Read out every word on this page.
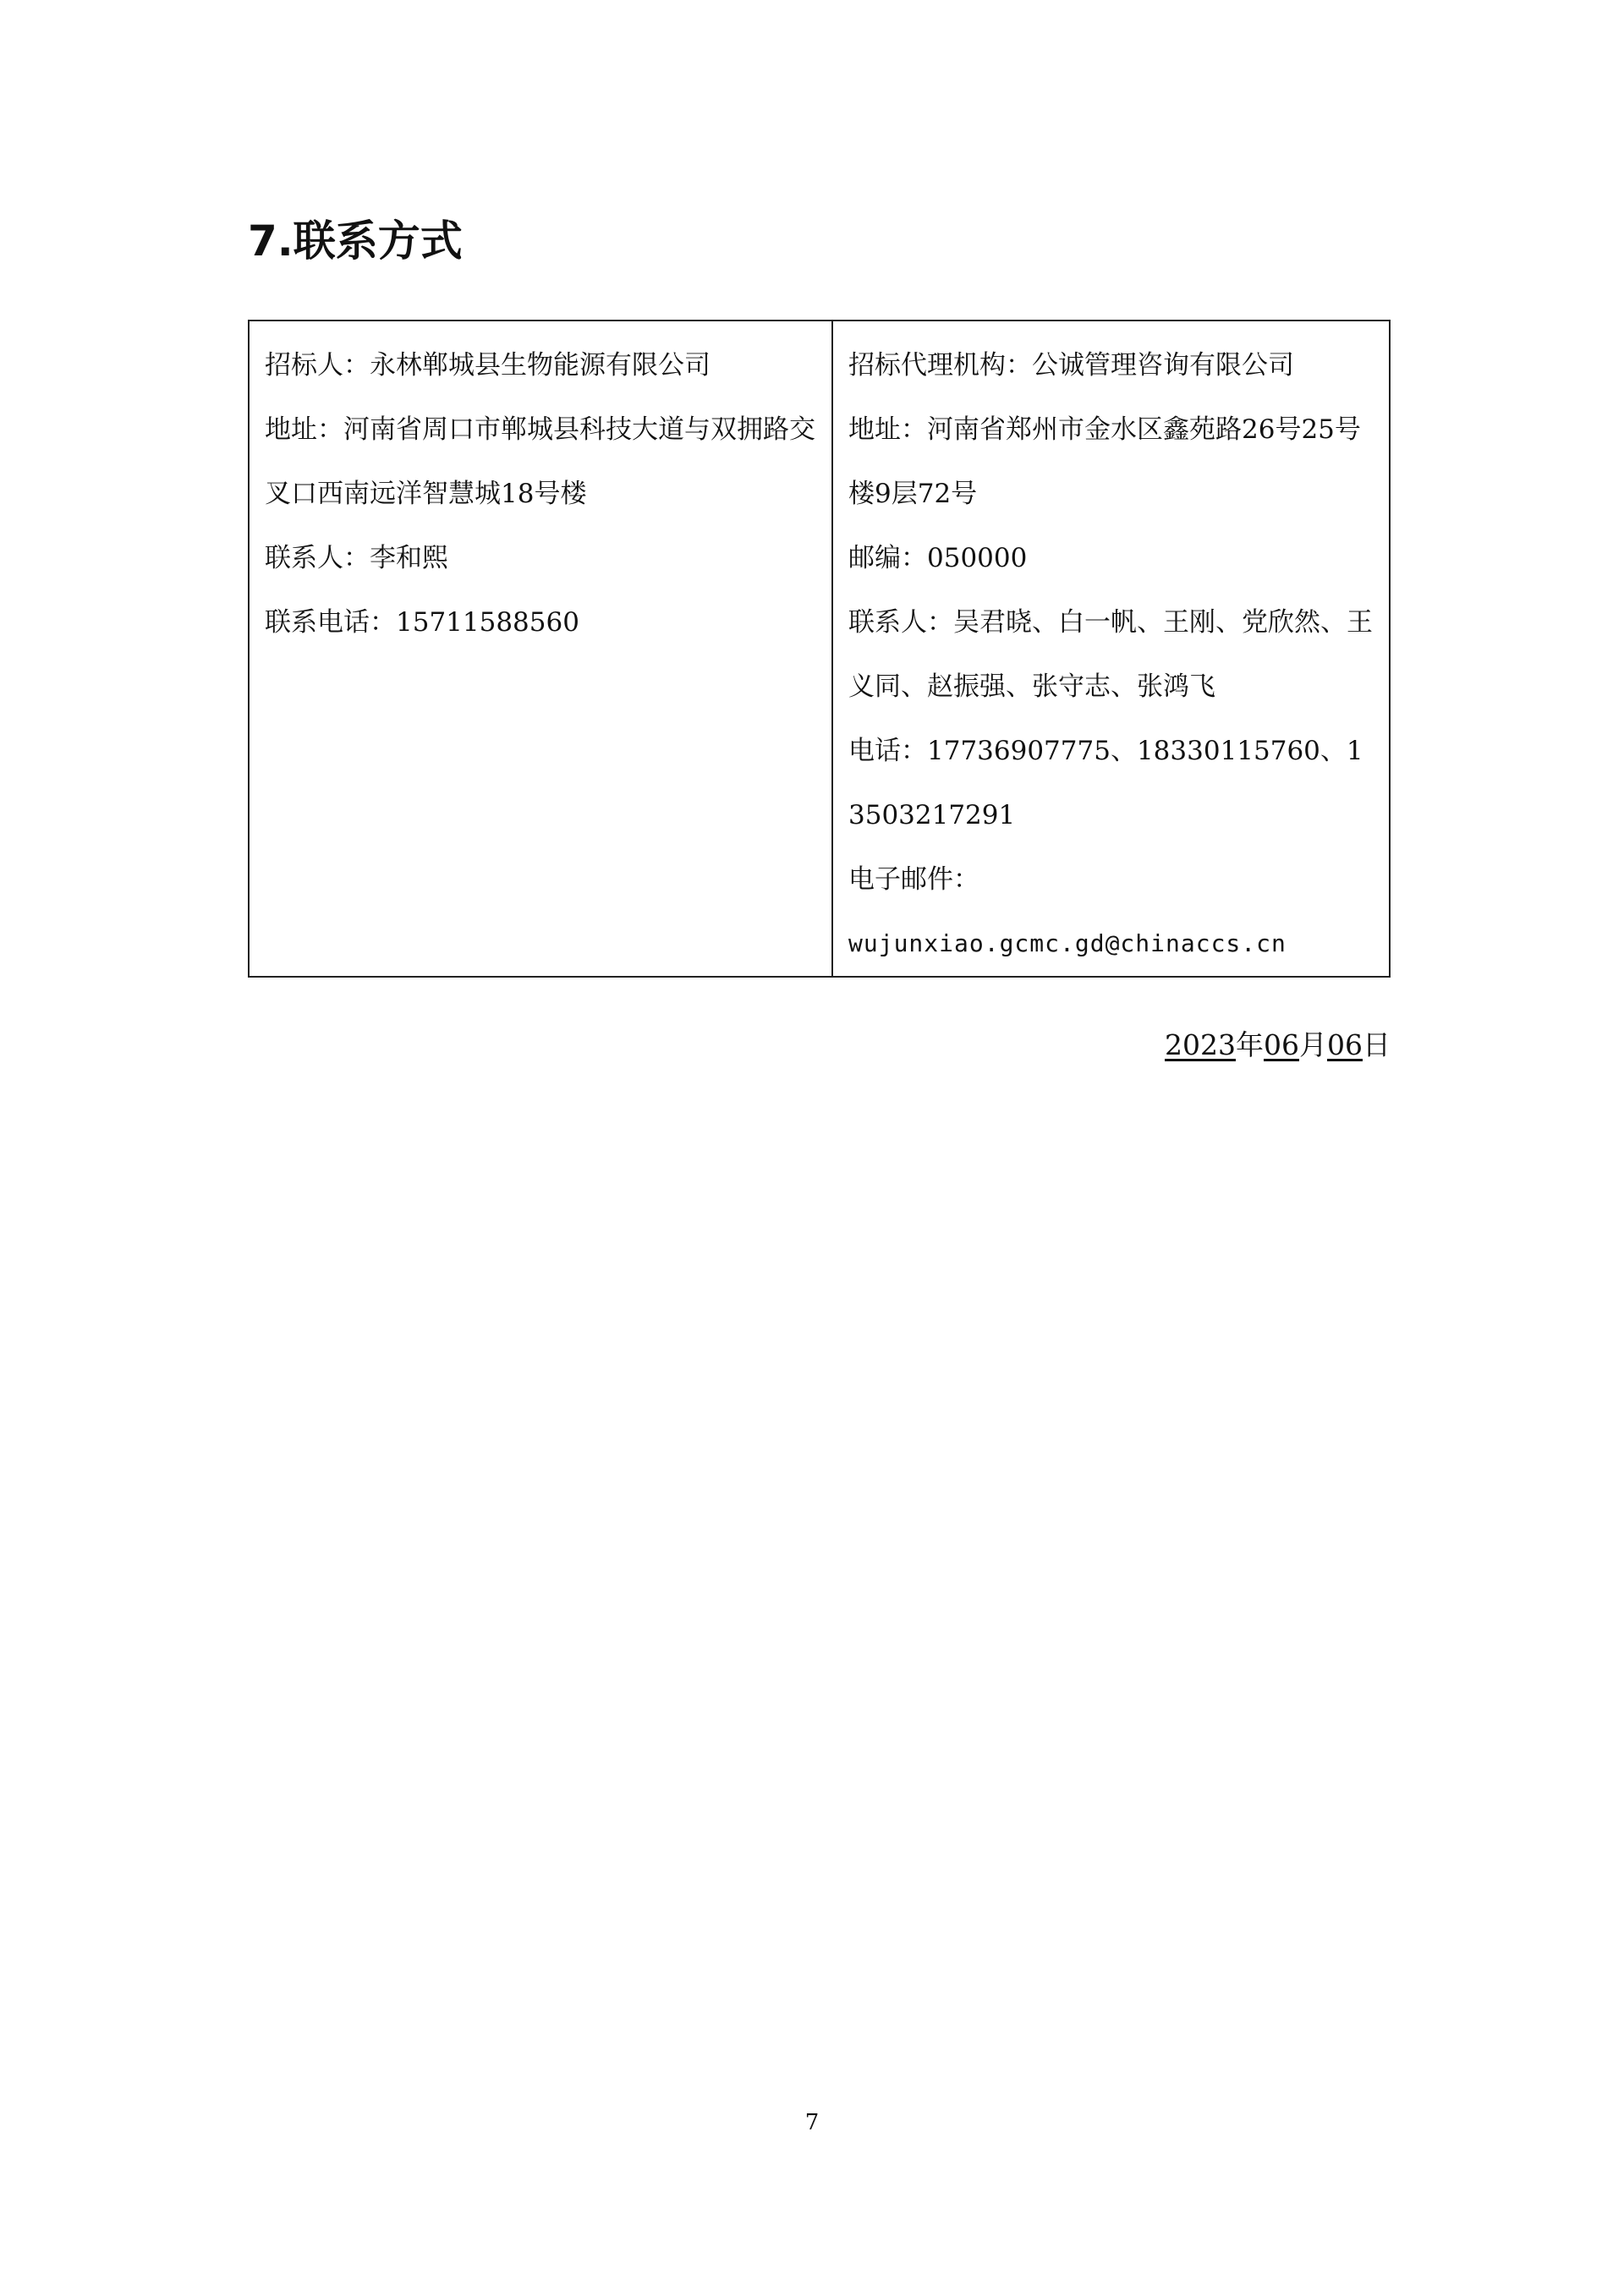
7.联系方式
招标人：永林郸城县生物能源有限公司
地址：河南省周口市郸城县科技大道与双拥路交叉口西南远洋智慧城18号楼
联系人：李和熙
联系电话：15711588560

招标代理机构：公诚管理咨询有限公司
地址：河南省郑州市金水区鑫苑路26号25号楼9层72号
邮编：050000
联系人：吴君晓、白一帆、王刚、党欣然、王义同、赵振强、张守志、张鸿飞
电话：17736907775、18330115760、13503217291
电子邮件：
wujunxiao.gcmc.gd@chinaccs.cn
2023年06月06日
7
